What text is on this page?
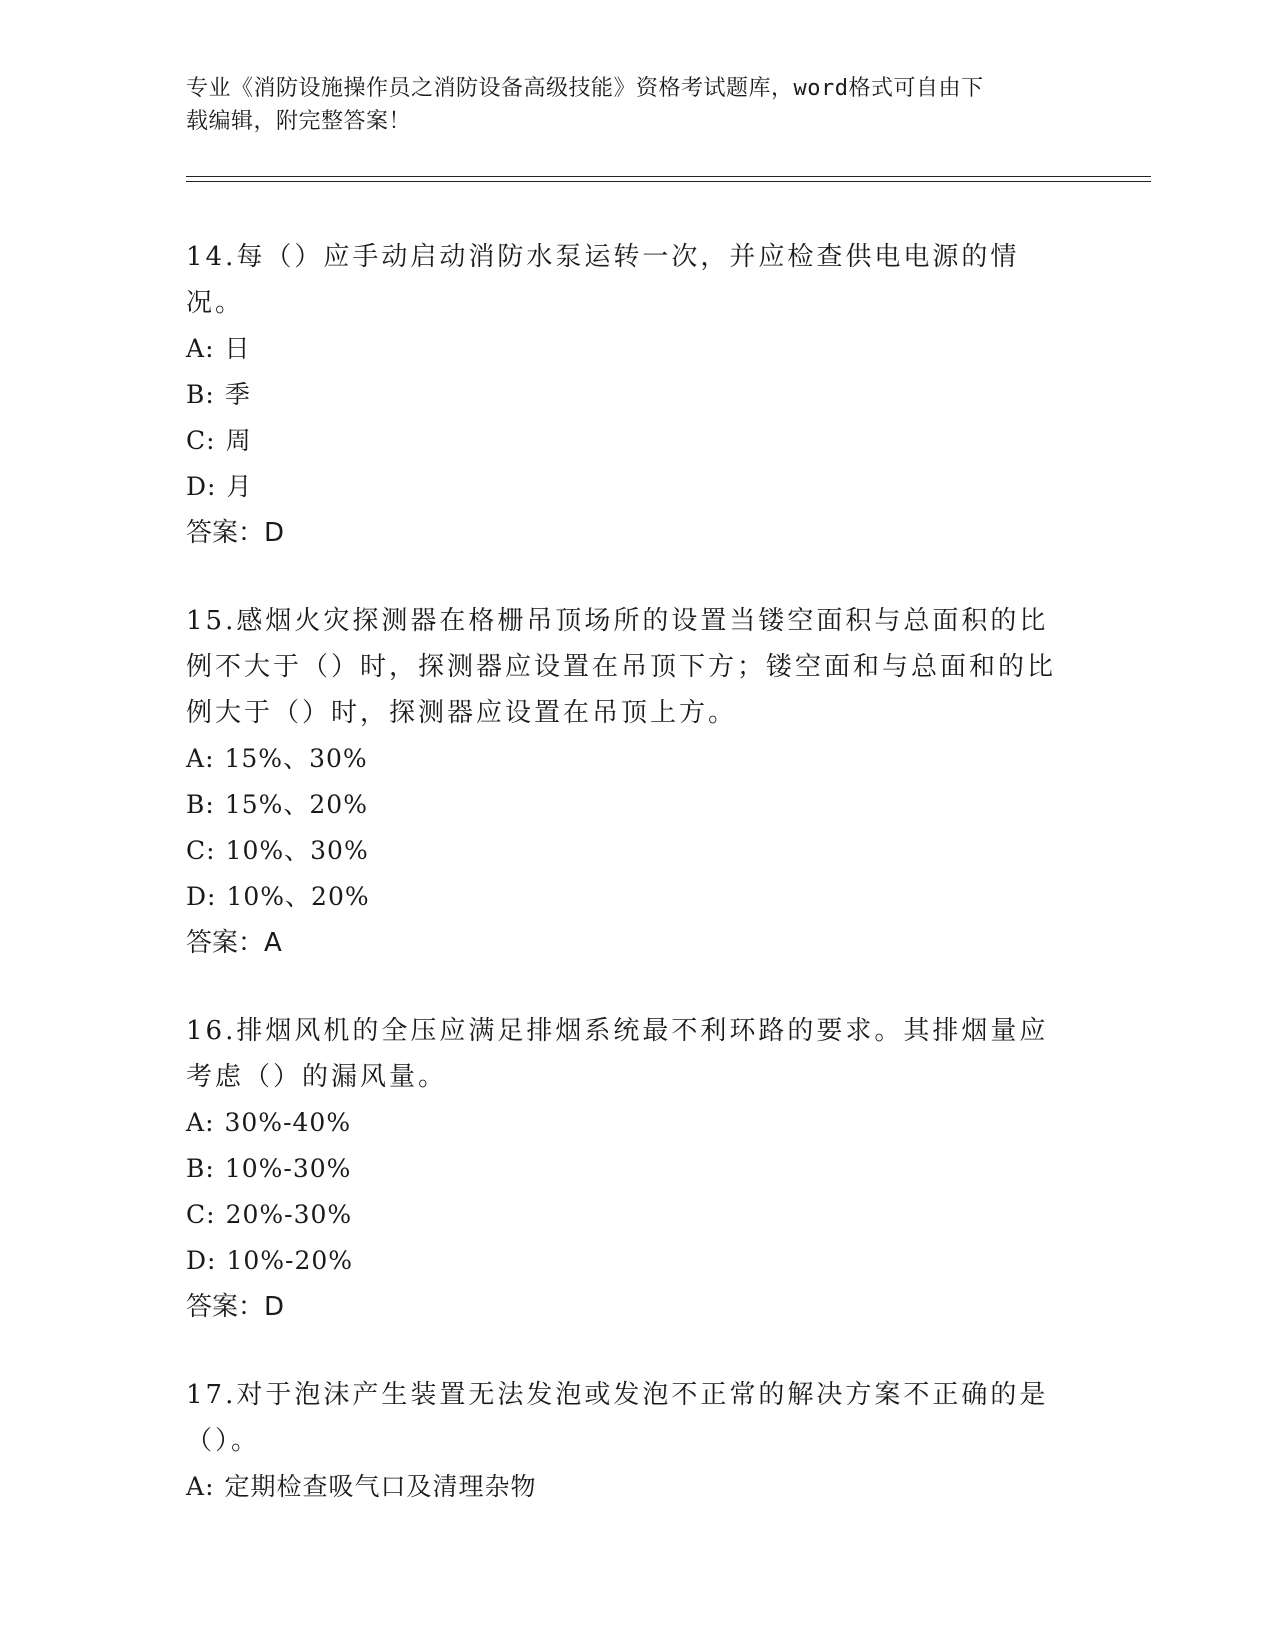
专业《消防设施操作员之消防设备高级技能》资格考试题库，word格式可自由下
载编辑，附完整答案！

14.每（）应手动启动消防水泵运转一次，并应检查供电电源的情况。

A: 日
B: 季
C: 周
D: 月
答案：D

15.感烟火灾探测器在格栅吊顶场所的设置当镂空面积与总面积的比例不大于（）时，探测器应设置在吊顶下方；镂空面和与总面和的比例大于（）时，探测器应设置在吊顶上方。

A: 15%、30%
B: 15%、20%
C: 10%、30%
D: 10%、20%
答案：A

16.排烟风机的全压应满足排烟系统最不利环路的要求。其排烟量应考虑（）的漏风量。

A: 30%-40%
B: 10%-30%
C: 20%-30%
D: 10%-20%
答案：D

17.对于泡沫产生装置无法发泡或发泡不正常的解决方案不正确的是（）。

A: 定期检查吸气口及清理杂物
